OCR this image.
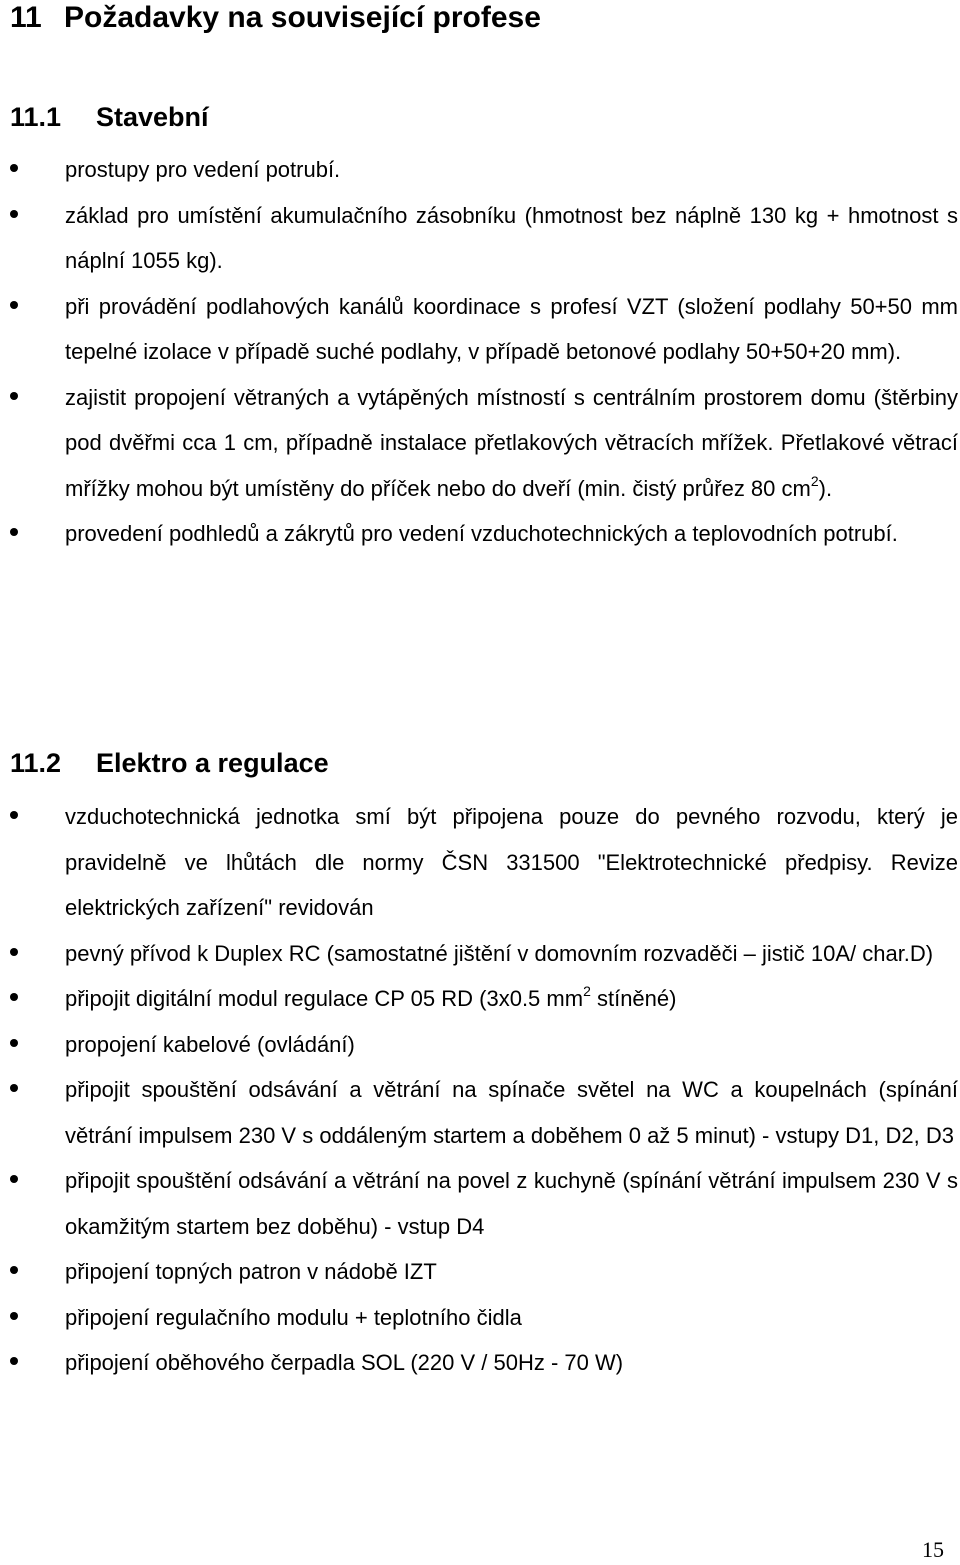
11 Požadavky na související profese
11.1 Stavební
prostupy pro vedení potrubí.
základ pro umístění akumulačního zásobníku (hmotnost bez náplně 130 kg + hmotnost s náplní 1055 kg).
při provádění podlahových kanálů koordinace s profesí VZT (složení podlahy 50+50 mm tepelné izolace v případě suché podlahy, v případě betonové podlahy 50+50+20 mm).
zajistit propojení větraných a vytápěných místností s centrálním prostorem domu (štěrbiny pod dvěřmi cca 1 cm, případně instalace přetlakových větracích mřížek. Přetlakové větrací mřížky mohou být umístěny do příček nebo do dveří (min. čistý průřez 80 $cm^2$).
provedení podhledů a zákrytů pro vedení vzduchotechnických a teplovodních potrubí.
11.2 Elektro a regulace
vzduchotechnická jednotka smí být připojena pouze do pevného rozvodu, který je pravidelně ve lhůtách dle normy ČSN 331500 "Elektrotechnické předpisy. Revize elektrických zařízení" revidován
pevný přívod k Duplex RC (samostatné jištění v domovním rozvaděči – jistič 10A/ char.D)
připojit digitální modul regulace CP 05 RD (3x0.5 $mm^2$ stíněné)
propojení kabelové (ovládání)
připojit spouštění odsávání a větrání na spínače světel na WC a koupelnách (spínání větrání impulsem 230 V s oddáleným startem a doběhem 0 až 5 minut) - vstupy D1, D2, D3
připojit spouštění odsávání a větrání na povel z kuchyně (spínání větrání impulsem 230 V s okamžitým startem bez doběhu) - vstup D4
připojení topných patron v nádobě IZT
připojení regulačního modulu + teplotního čidla
připojení oběhového čerpadla SOL (220 V / 50Hz - 70 W)
15
